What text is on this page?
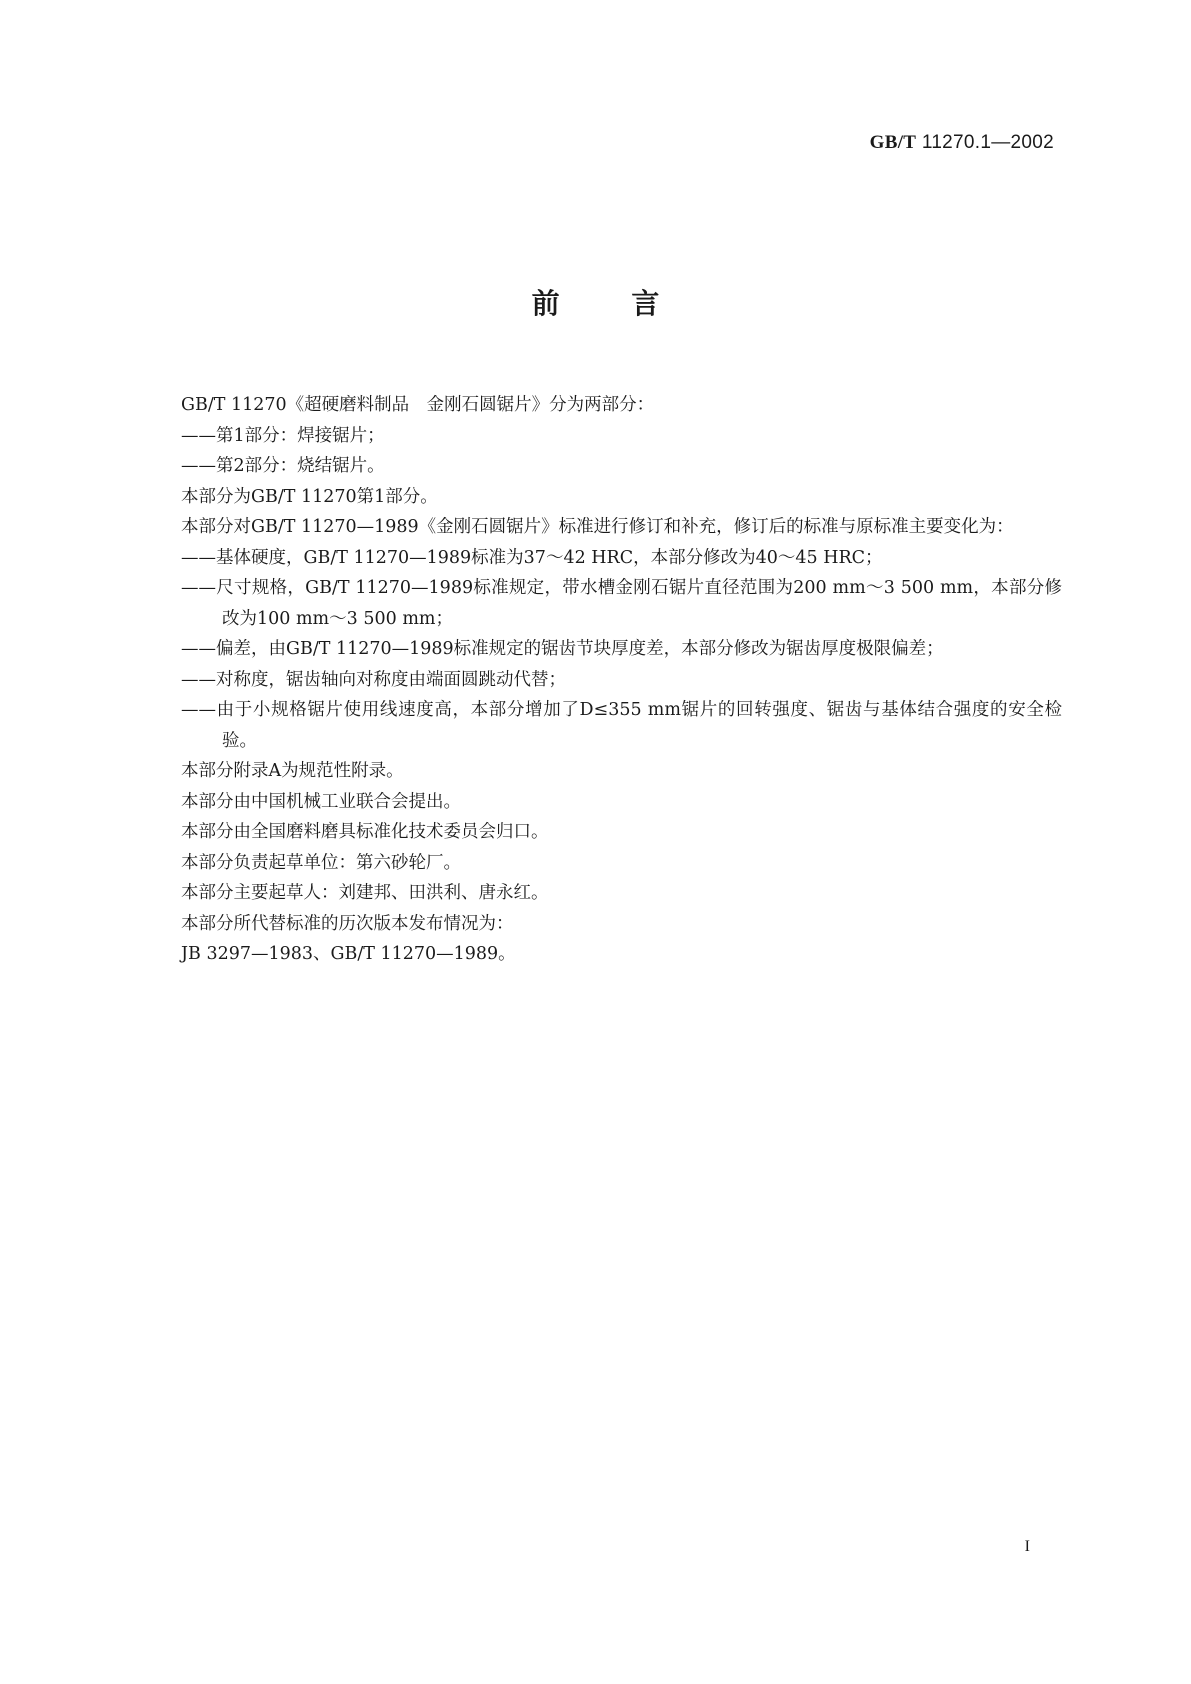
GB/T 11270.1—2002
前	言

GB/T 11270《超硬磨料制品　金刚石圆锯片》分为两部分：

——第1部分：焊接锯片；

——第2部分：烧结锯片。

本部分为GB/T 11270第1部分。

本部分对GB/T 11270—1989《金刚石圆锯片》标准进行修订和补充，修订后的标准与原标准主要变化为：

——基体硬度，GB/T 11270—1989标准为37～42 HRC，本部分修改为40～45 HRC；

——尺寸规格，GB/T 11270—1989标准规定，带水槽金刚石锯片直径范围为200 mm～3 500 mm，本部分修改为100 mm～3 500 mm；

——偏差，由GB/T 11270—1989标准规定的锯齿节块厚度差，本部分修改为锯齿厚度极限偏差；

——对称度，锯齿轴向对称度由端面圆跳动代替；

——由于小规格锯片使用线速度高，本部分增加了D≤355 mm锯片的回转强度、锯齿与基体结合强度的安全检验。

本部分附录A为规范性附录。

本部分由中国机械工业联合会提出。

本部分由全国磨料磨具标准化技术委员会归口。

本部分负责起草单位：第六砂轮厂。

本部分主要起草人：刘建邦、田洪利、唐永红。

本部分所代替标准的历次版本发布情况为：

JB 3297—1983、GB/T 11270—1989。

I
